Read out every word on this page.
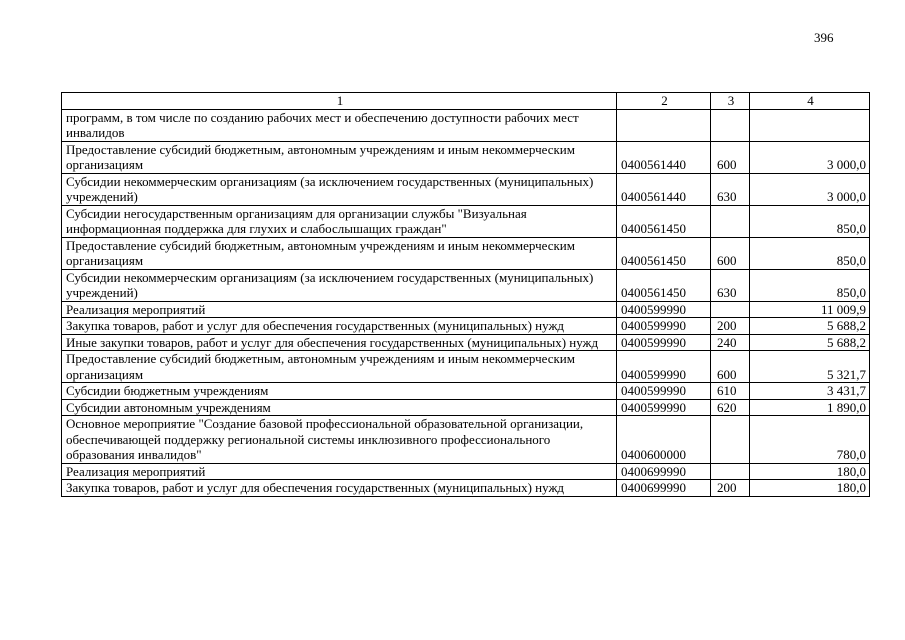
396
1	2	3	4
программ, в том числе по созданию рабочих мест и обеспечению доступности рабочих мест инвалидов			
Предоставление субсидий бюджетным, автономным учреждениям и иным некоммерческим организациям	0400561440	600	3 000,0
Субсидии некоммерческим организациям (за исключением государственных (муниципальных) учреждений)	0400561440	630	3 000,0
Субсидии негосударственным организациям для организации службы "Визуальная информационная поддержка для глухих и слабослышащих граждан"	0400561450		850,0
Предоставление субсидий бюджетным, автономным учреждениям и иным некоммерческим организациям	0400561450	600	850,0
Субсидии некоммерческим организациям (за исключением государственных (муниципальных) учреждений)	0400561450	630	850,0
Реализация мероприятий	0400599990		11 009,9
Закупка товаров, работ и услуг для обеспечения государственных (муниципальных) нужд	0400599990	200	5 688,2
Иные закупки товаров, работ и услуг для обеспечения государственных (муниципальных) нужд	0400599990	240	5 688,2
Предоставление субсидий бюджетным, автономным учреждениям и иным некоммерческим организациям	0400599990	600	5 321,7
Субсидии бюджетным учреждениям	0400599990	610	3 431,7
Субсидии автономным учреждениям	0400599990	620	1 890,0
Основное мероприятие "Создание базовой профессиональной образовательной организации, обеспечивающей поддержку региональной системы инклюзивного профессионального образования инвалидов"	0400600000		780,0
Реализация мероприятий	0400699990		180,0
Закупка товаров, работ и услуг для обеспечения государственных (муниципальных) нужд	0400699990	200	180,0
